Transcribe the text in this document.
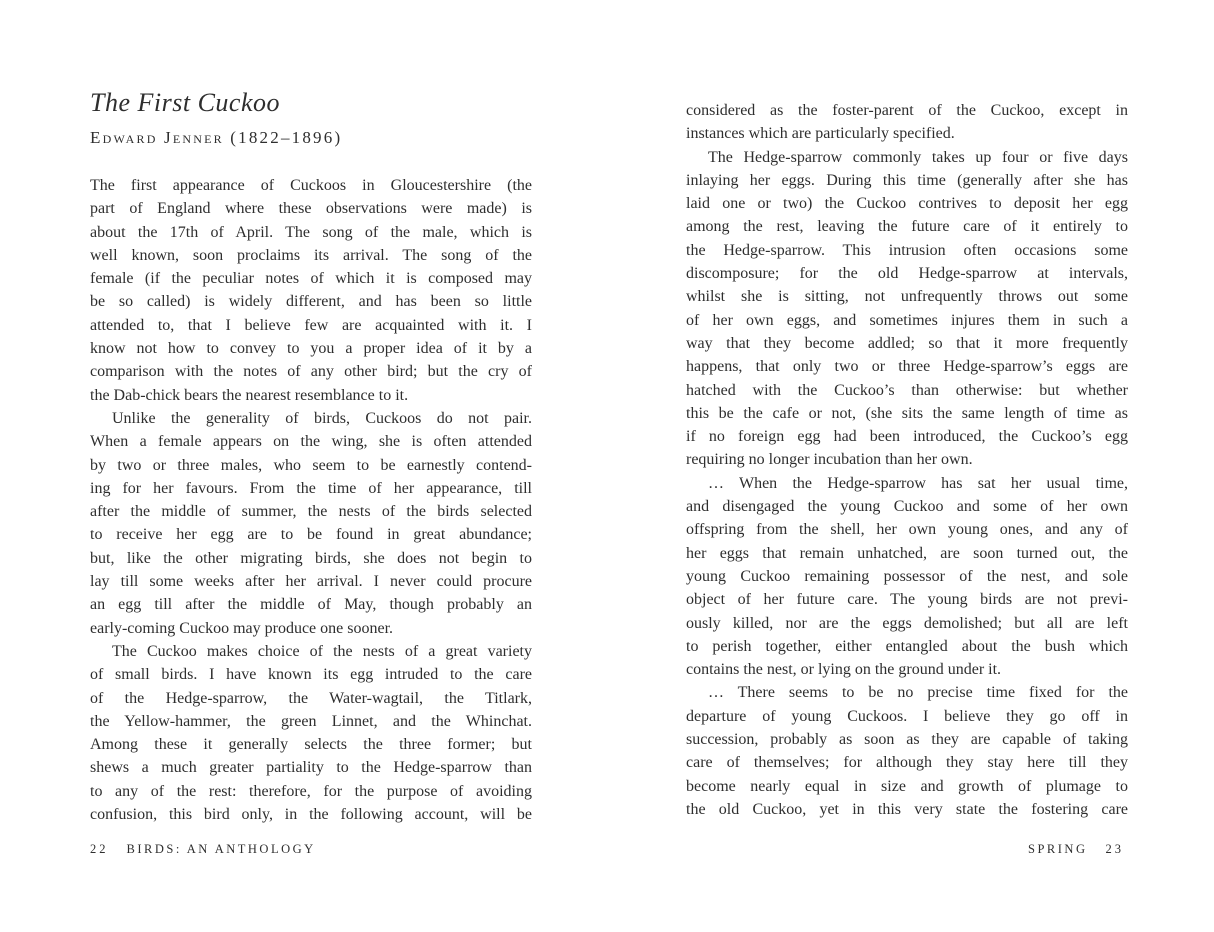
The First Cuckoo
Edward Jenner (1822–1896)
The first appearance of Cuckoos in Gloucestershire (the
part of England where these observations were made) is
about the 17th of April. The song of the male, which is
well known, soon proclaims its arrival. The song of the
female (if the peculiar notes of which it is composed may
be so called) is widely different, and has been so little
attended to, that I believe few are acquainted with it. I
know not how to convey to you a proper idea of it by a
comparison with the notes of any other bird; but the cry of
the Dab-chick bears the nearest resemblance to it.
Unlike the generality of birds, Cuckoos do not pair.
When a female appears on the wing, she is often attended
by two or three males, who seem to be earnestly contend-
ing for her favours. From the time of her appearance, till
after the middle of summer, the nests of the birds selected
to receive her egg are to be found in great abundance;
but, like the other migrating birds, she does not begin to
lay till some weeks after her arrival. I never could procure
an egg till after the middle of May, though probably an
early-coming Cuckoo may produce one sooner.
The Cuckoo makes choice of the nests of a great variety
of small birds. I have known its egg intruded to the care
of the Hedge-sparrow, the Water-wagtail, the Titlark,
the Yellow-hammer, the green Linnet, and the Whinchat.
Among these it generally selects the three former; but
shews a much greater partiality to the Hedge-sparrow than
to any of the rest: therefore, for the purpose of avoiding
confusion, this bird only, in the following account, will be
considered as the foster-parent of the Cuckoo, except in
instances which are particularly specified.
The Hedge-sparrow commonly takes up four or five days
inlaying her eggs. During this time (generally after she has
laid one or two) the Cuckoo contrives to deposit her egg
among the rest, leaving the future care of it entirely to
the Hedge-sparrow. This intrusion often occasions some
discomposure; for the old Hedge-sparrow at intervals,
whilst she is sitting, not unfrequently throws out some
of her own eggs, and sometimes injures them in such a
way that they become addled; so that it more frequently
happens, that only two or three Hedge-sparrow’s eggs are
hatched with the Cuckoo’s than otherwise: but whether
this be the cafe or not, (she sits the same length of time as
if no foreign egg had been introduced, the Cuckoo’s egg
requiring no longer incubation than her own.
… When the Hedge-sparrow has sat her usual time,
and disengaged the young Cuckoo and some of her own
offspring from the shell, her own young ones, and any of
her eggs that remain unhatched, are soon turned out, the
young Cuckoo remaining possessor of the nest, and sole
object of her future care. The young birds are not previ-
ously killed, nor are the eggs demolished; but all are left
to perish together, either entangled about the bush which
contains the nest, or lying on the ground under it.
… There seems to be no precise time fixed for the
departure of young Cuckoos. I believe they go off in
succession, probably as soon as they are capable of taking
care of themselves; for although they stay here till they
become nearly equal in size and growth of plumage to
the old Cuckoo, yet in this very state the fostering care
22 BIRDS: AN ANTHOLOGY	SPRING 23
